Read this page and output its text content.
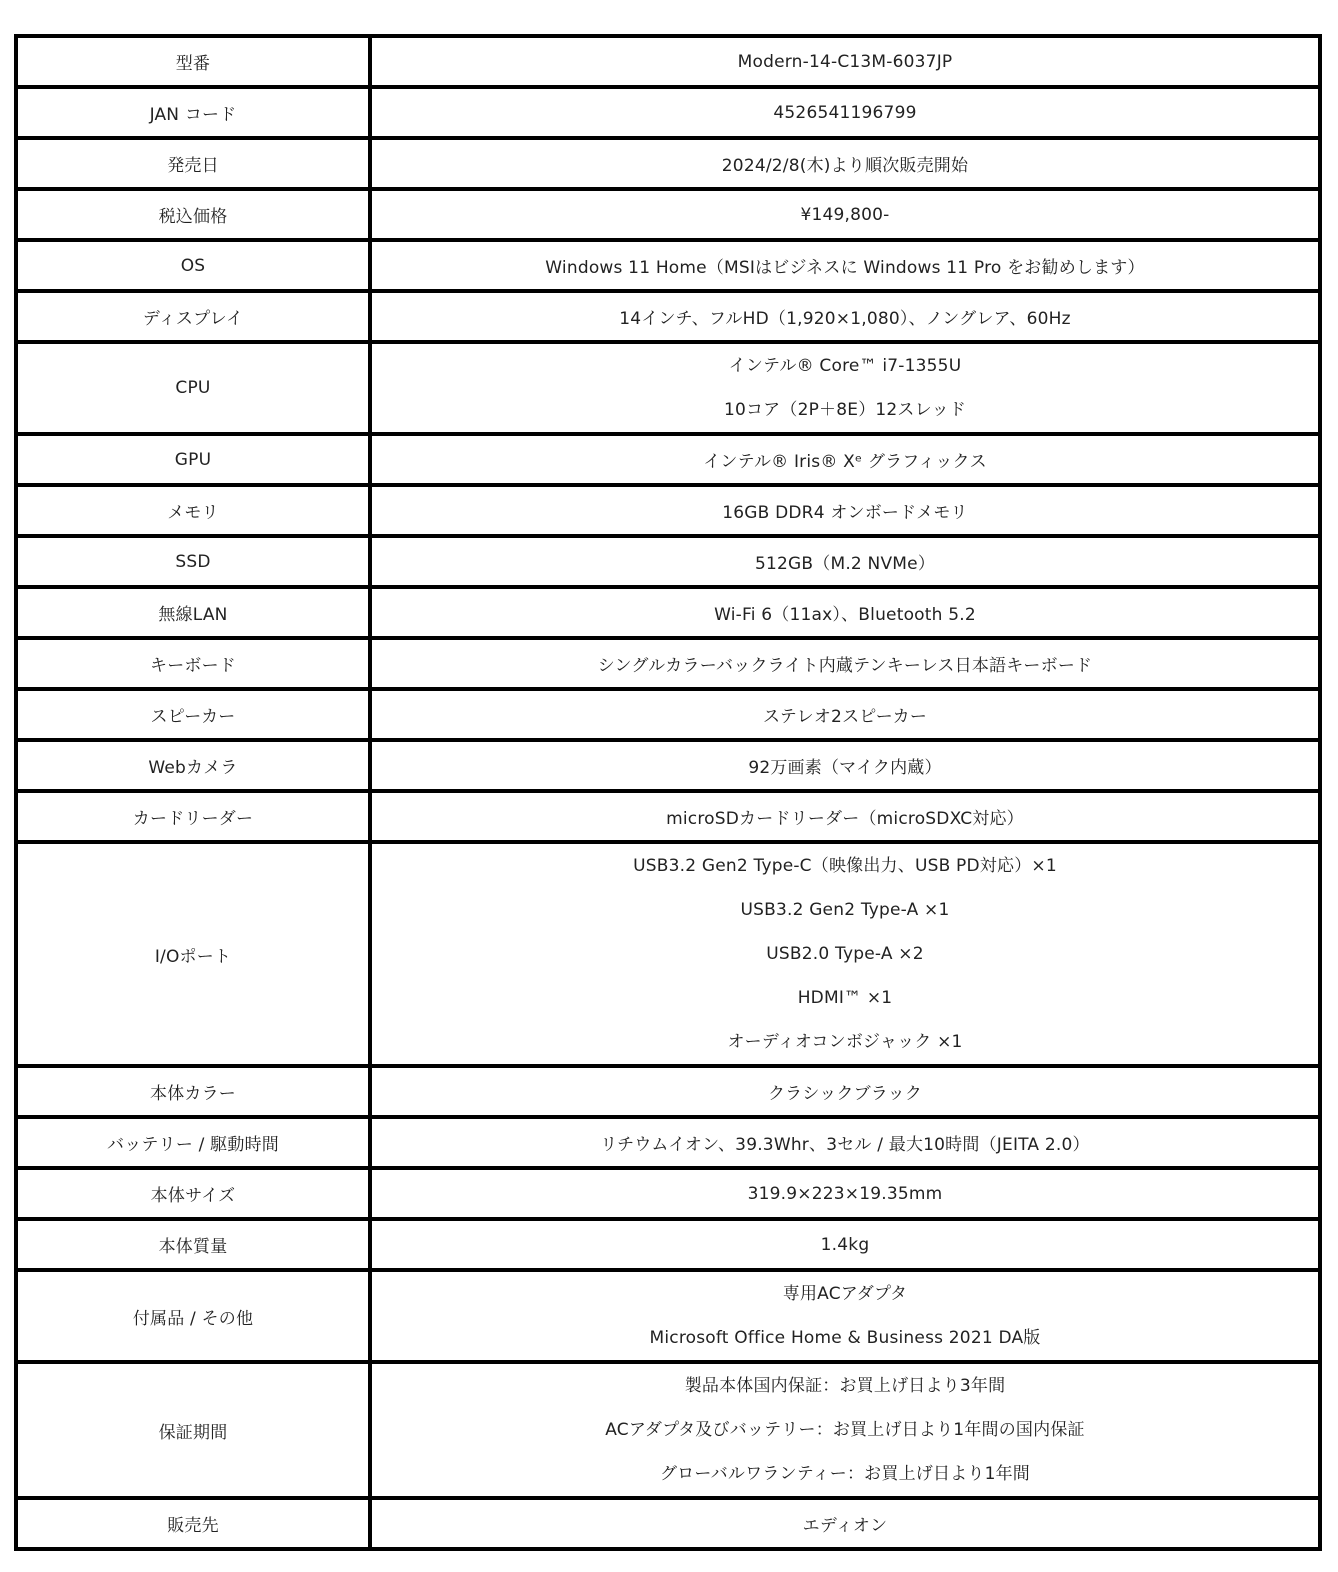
型番	Modern-14-C13M-6037JP
JAN コード	4526541196799
発売日	2024/2/8(木)より順次販売開始
税込価格	¥149,800-
OS	Windows 11 Home（MSIはビジネスに Windows 11 Pro をお勧めします）
ディスプレイ	14インチ、フルHD（1,920×1,080）、ノングレア、60Hz
CPU	インテル® Core™ i7-1355U
10コア（2P＋8E）12スレッド

GPU	インテル® Iris® Xᵉ グラフィックス
メモリ	16GB DDR4 オンボードメモリ
SSD	512GB（M.2 NVMe）
無線LAN	Wi-Fi 6（11ax）、Bluetooth 5.2
キーボード	シングルカラーバックライト内蔵テンキーレス日本語キーボード
スピーカー	ステレオ2スピーカー
Webカメラ	92万画素（マイク内蔵）
カードリーダー	microSDカードリーダー（microSDXC対応）
I/Oポート	USB3.2 Gen2 Type-C（映像出力、USB PD対応）×1
USB3.2 Gen2 Type-A ×1
USB2.0 Type-A ×2
HDMI™ ×1
オーディオコンボジャック ×1

本体カラー	クラシックブラック
バッテリー / 駆動時間	リチウムイオン、39.3Whr、3セル / 最大10時間（JEITA 2.0）
本体サイズ	319.9×223×19.35mm
本体質量	1.4kg
付属品 / その他	専用ACアダプタ
Microsoft Office Home & Business 2021 DA版

保証期間	製品本体国内保証：お買上げ日より3年間
ACアダプタ及びバッテリー：お買上げ日より1年間の国内保証
グローバルワランティー：お買上げ日より1年間

販売先	エディオン
